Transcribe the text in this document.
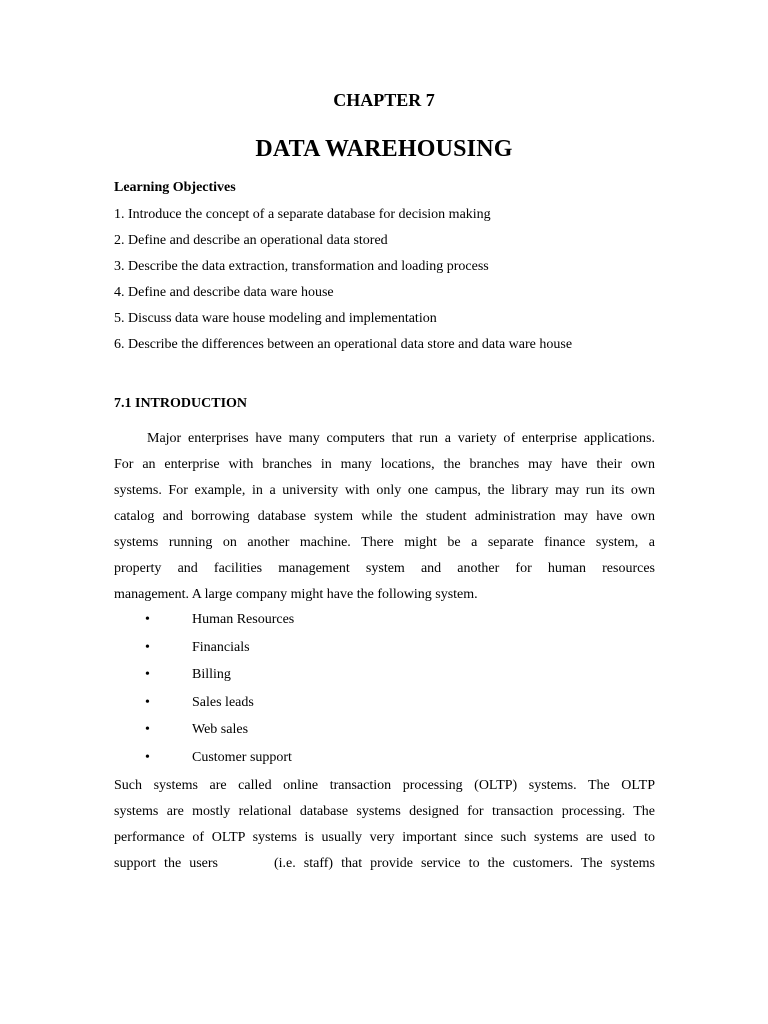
CHAPTER 7
DATA WAREHOUSING
Learning Objectives
1. Introduce the concept of a separate database for decision making
2. Define and describe an operational data stored
3. Describe the data extraction, transformation and loading process
4. Define and describe data ware house
5. Discuss data ware house modeling and implementation
6. Describe the differences between an operational data store and data ware house
7.1 INTRODUCTION
Major enterprises have many computers that run a variety of enterprise applications.
For an enterprise with branches in many locations, the branches may have their own
systems. For example, in a university with only one campus, the library may run its own
catalog and borrowing database system while the student administration may have own
systems running on another machine. There might be a separate finance system, a
property and facilities management system and another for human resources
management. A large company might have the following system.
•	Human Resources
•	Financials
•	Billing
•	Sales leads
•	Web sales
•	Customer support
Such systems are called online transaction processing (OLTP) systems. The OLTP
systems are mostly relational database systems designed for transaction processing. The
performance of OLTP systems is usually very important since such systems are used to
support the users	(i.e. staff) that provide service to the customers. The systems
